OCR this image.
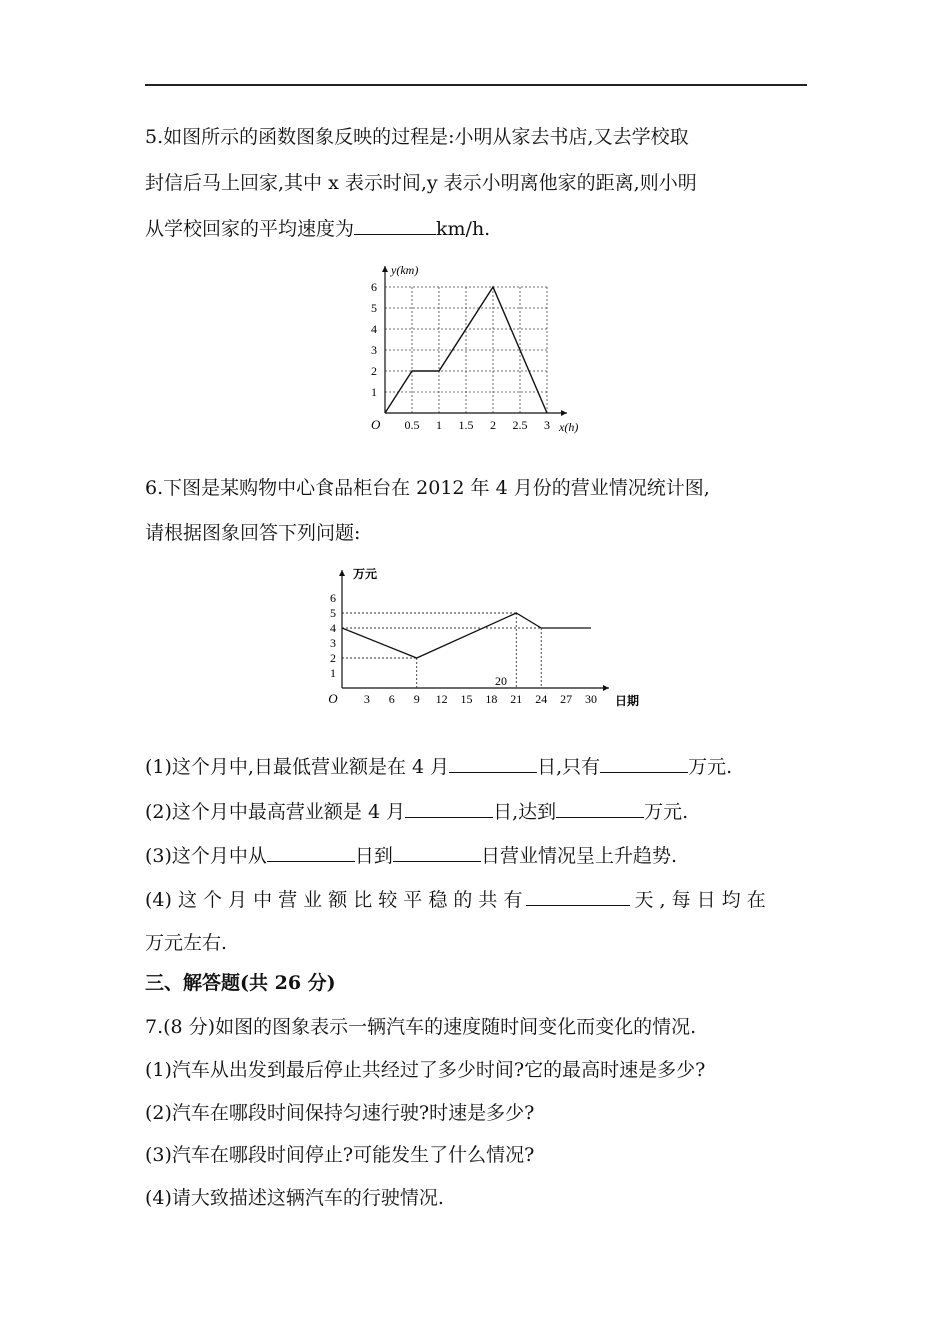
5.如图所示的函数图象反映的过程是:小明从家去书店,又去学校取
封信后马上回家,其中 x 表示时间,y 表示小明离他家的距离,则小明
从学校回家的平均速度为	km/h.
0.5 1 1.5 2 2.5 3
1
2
3
4
5
6
O	x(h)
y(km)
6.下图是某购物中心食品柜台在 2012 年 4 月份的营业情况统计图,
请根据图象回答下列问题:
3 6 9 12 15 18 21 24 27 30
1
2
3
4
5
6
O	日期
万元
20
(1)这个月中,日最低营业额是在 4 月	日,只有	万元.
(2)这个月中最高营业额是 4 月	日,达到	万元.
(3)这个月中从	日到	日营业情况呈上升趋势.
(4) 这 个 月 中 营 业 额 比 较 平 稳 的 共 有	天 , 每 日 均 在
万元左右.
三、解答题(共 26 分)
7.(8 分)如图的图象表示一辆汽车的速度随时间变化而变化的情况.
(1)汽车从出发到最后停止共经过了多少时间?它的最高时速是多少?
(2)汽车在哪段时间保持匀速行驶?时速是多少?
(3)汽车在哪段时间停止?可能发生了什么情况?
(4)请大致描述这辆汽车的行驶情况.
